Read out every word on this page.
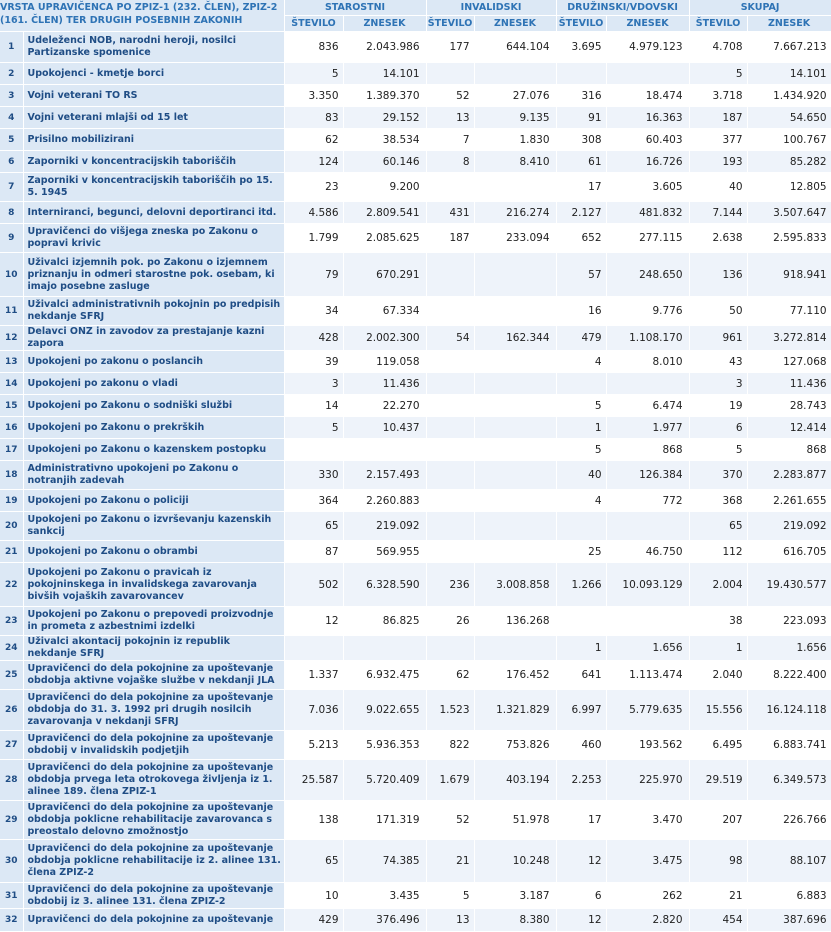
VRSTA UPRAVIČENCA PO ZPIZ-1 (232. ČLEN), ZPIZ-2 (161. ČLEN) TER DRUGIH POSEBNIH ZAKONIH		STAROSTNI		INVALIDSKI		DRUŽINSKI/VDOVSKI		SKUPAJ	
		ŠTEVILO	ZNESEK	ŠTEVILO	ZNESEK	ŠTEVILO	ZNESEK	ŠTEVILO	ZNESEK
1	Udeleženci NOB, narodni heroji, nosilci Partizanske spomenice	836	2.043.986	177	644.104	3.695	4.979.123	4.708	7.667.213
2	Upokojenci - kmetje borci	5	14.101					5	14.101
3	Vojni veterani TO RS	3.350	1.389.370	52	27.076	316	18.474	3.718	1.434.920
4	Vojni veterani mlajši od 15 let	83	29.152	13	9.135	91	16.363	187	54.650
5	Prisilno mobilizirani	62	38.534	7	1.830	308	60.403	377	100.767
6	Zaporniki v koncentracijskih taboriščih	124	60.146	8	8.410	61	16.726	193	85.282
7	Zaporniki v koncentracijskih taboriščih po 15. 5. 1945	23	9.200			17	3.605	40	12.805
8	Interniranci, begunci, delovni deportiranci itd.	4.586	2.809.541	431	216.274	2.127	481.832	7.144	3.507.647
9	Upravičenci do višjega zneska po Zakonu o popravi krivic	1.799	2.085.625	187	233.094	652	277.115	2.638	2.595.833
10	Uživalci izjemnih pok. po Zakonu o izjemnem priznanju in odmeri starostne pok. osebam, ki imajo posebne zasluge	79	670.291			57	248.650	136	918.941
11	Uživalci administrativnih pokojnin po predpisih nekdanje SFRJ	34	67.334			16	9.776	50	77.110
12	Delavci ONZ in zavodov za prestajanje kazni zapora	428	2.002.300	54	162.344	479	1.108.170	961	3.272.814
13	Upokojeni po zakonu o poslancih	39	119.058			4	8.010	43	127.068
14	Upokojeni po zakonu o vladi	3	11.436					3	11.436
15	Upokojeni po Zakonu o sodniški službi	14	22.270			5	6.474	19	28.743
16	Upokojeni po Zakonu o prekrških	5	10.437			1	1.977	6	12.414
17	Upokojeni po Zakonu o kazenskem postopku					5	868	5	868
18	Administrativno upokojeni po Zakonu o notranjih zadevah	330	2.157.493			40	126.384	370	2.283.877
19	Upokojeni po Zakonu o policiji	364	2.260.883			4	772	368	2.261.655
20	Upokojeni po Zakonu o izvrševanju kazenskih sankcij	65	219.092					65	219.092
21	Upokojeni po Zakonu o obrambi	87	569.955			25	46.750	112	616.705
22	Upokojeni po Zakonu o pravicah iz pokojninskega in invalidskega zavarovanja bivših vojaških zavarovancev	502	6.328.590	236	3.008.858	1.266	10.093.129	2.004	19.430.577
23	Upokojeni po Zakonu o prepovedi proizvodnje in prometa z azbestnimi izdelki	12	86.825	26	136.268			38	223.093
24	Uživalci akontacij pokojnin iz republik nekdanje SFRJ					1	1.656	1	1.656
25	Upravičenci do dela pokojnine za upoštevanje obdobja aktivne vojaške službe v nekdanji JLA	1.337	6.932.475	62	176.452	641	1.113.474	2.040	8.222.400
26	Upravičenci do dela pokojnine za upoštevanje obdobja do 31. 3. 1992 pri drugih nosilcih zavarovanja v nekdanji SFRJ	7.036	9.022.655	1.523	1.321.829	6.997	5.779.635	15.556	16.124.118
27	Upravičenci do dela pokojnine za upoštevanje obdobij v invalidskih podjetjih	5.213	5.936.353	822	753.826	460	193.562	6.495	6.883.741
28	Upravičenci do dela pokojnine za upoštevanje obdobja prvega leta otrokovega življenja iz 1. alinee 189. člena ZPIZ-1	25.587	5.720.409	1.679	403.194	2.253	225.970	29.519	6.349.573
29	Upravičenci do dela pokojnine za upoštevanje obdobja poklicne rehabilitacije zavarovanca s preostalo delovno zmožnostjo	138	171.319	52	51.978	17	3.470	207	226.766
30	Upravičenci do dela pokojnine za upoštevanje obdobja poklicne rehabilitacije iz 2. alinee 131. člena ZPIZ-2	65	74.385	21	10.248	12	3.475	98	88.107
31	Upravičenci do dela pokojnine za upoštevanje obdobij iz 3. alinee 131. člena ZPIZ-2	10	3.435	5	3.187	6	262	21	6.883
32	Upravičenci do dela pokojnine za upoštevanje	429	376.496	13	8.380	12	2.820	454	387.696
